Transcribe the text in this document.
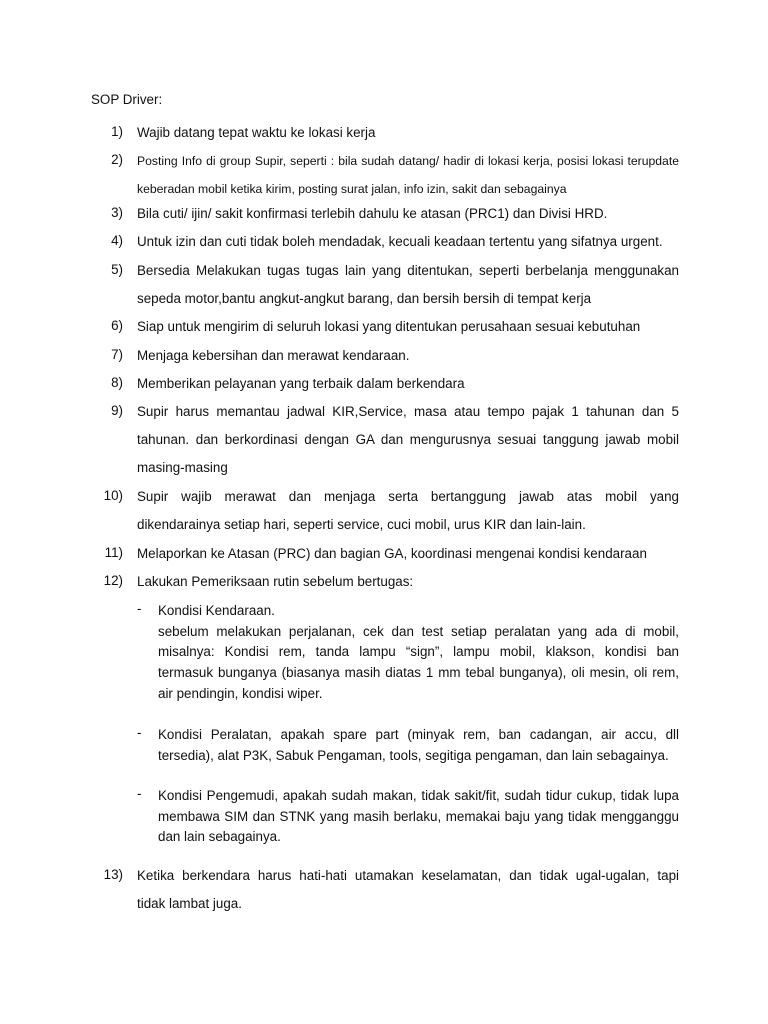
SOP Driver:
1) Wajib datang tepat waktu ke lokasi kerja
2) Posting Info di group Supir, seperti : bila sudah datang/ hadir di lokasi kerja, posisi lokasi terupdate
keberadan mobil ketika kirim, posting surat jalan, info izin, sakit dan sebagainya
3) Bila cuti/ ijin/ sakit konfirmasi terlebih dahulu ke atasan (PRC1) dan Divisi HRD.
4) Untuk izin dan cuti tidak boleh mendadak, kecuali keadaan tertentu yang sifatnya urgent.
5) Bersedia Melakukan tugas tugas lain yang ditentukan, seperti berbelanja menggunakan
sepeda motor,bantu angkut-angkut barang, dan bersih bersih di tempat kerja
6) Siap untuk mengirim di seluruh lokasi yang ditentukan perusahaan sesuai kebutuhan
7) Menjaga kebersihan dan merawat kendaraan.
8) Memberikan pelayanan yang terbaik dalam berkendara
9) Supir harus memantau jadwal KIR,Service, masa atau tempo pajak 1 tahunan dan 5
tahunan. dan berkordinasi dengan GA dan mengurusnya sesuai tanggung jawab mobil
masing-masing
10) Supir wajib merawat dan menjaga serta bertanggung jawab atas mobil yang
dikendarainya setiap hari, seperti service, cuci mobil, urus KIR dan lain-lain.
11) Melaporkan ke Atasan (PRC) dan bagian GA, koordinasi mengenai kondisi kendaraan
12) Lakukan Pemeriksaan rutin sebelum bertugas:
- Kondisi Kendaraan.
sebelum melakukan perjalanan, cek dan test setiap peralatan yang ada di mobil,
misalnya: Kondisi rem, tanda lampu “sign”, lampu mobil, klakson, kondisi ban
termasuk bunganya (biasanya masih diatas 1 mm tebal bunganya), oli mesin, oli rem,
air pendingin, kondisi wiper.
- Kondisi Peralatan, apakah spare part (minyak rem, ban cadangan, air accu, dll
tersedia), alat P3K, Sabuk Pengaman, tools, segitiga pengaman, dan lain sebagainya.
- Kondisi Pengemudi, apakah sudah makan, tidak sakit/fit, sudah tidur cukup, tidak lupa
membawa SIM dan STNK yang masih berlaku, memakai baju yang tidak mengganggu
dan lain sebagainya.
13) Ketika berkendara harus hati-hati utamakan keselamatan, dan tidak ugal-ugalan, tapi
tidak lambat juga.
